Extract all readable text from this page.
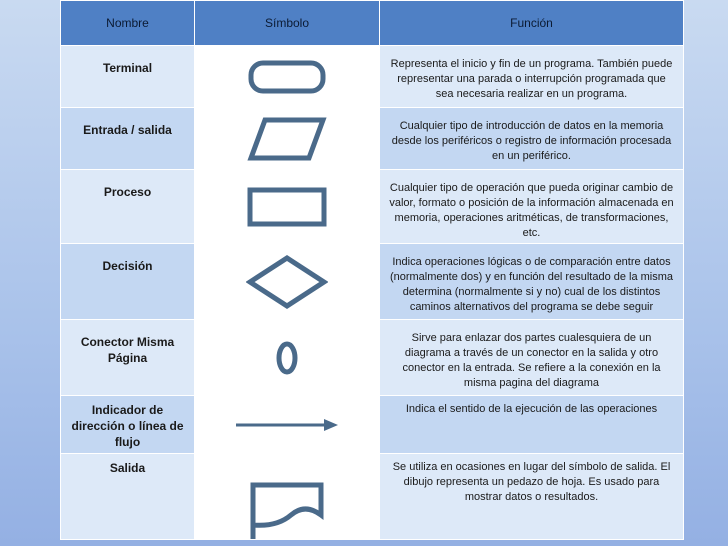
Nombre	Símbolo	Función
Terminal		Representa el inicio y fin de un programa. También puede representar una parada o interrupción programada que sea necesaria realizar en un programa.
Entrada / salida		Cualquier tipo de introducción de datos en la memoria desde los periféricos o registro de información procesada en un periférico.
Proceso		Cualquier tipo de operación que pueda originar cambio de valor, formato o posición de la información almacenada en memoria, operaciones aritméticas, de transformaciones, etc.
Decisión		Indica operaciones lógicas o de comparación entre datos (normalmente dos) y en función del resultado de la misma determina (normalmente si y no) cual de los distintos caminos alternativos del programa se debe seguir
Conector Misma Página		Sirve para enlazar dos partes cualesquiera de un diagrama a través de un conector en la salida y otro conector en la entrada. Se refiere a la conexión en la misma pagina del diagrama
Indicador de dirección o línea de flujo		Indica el sentido de la ejecución de las operaciones
Salida		Se utiliza en ocasiones en lugar del símbolo de salida. El dibujo representa un pedazo de hoja. Es usado para mostrar datos o resultados.
